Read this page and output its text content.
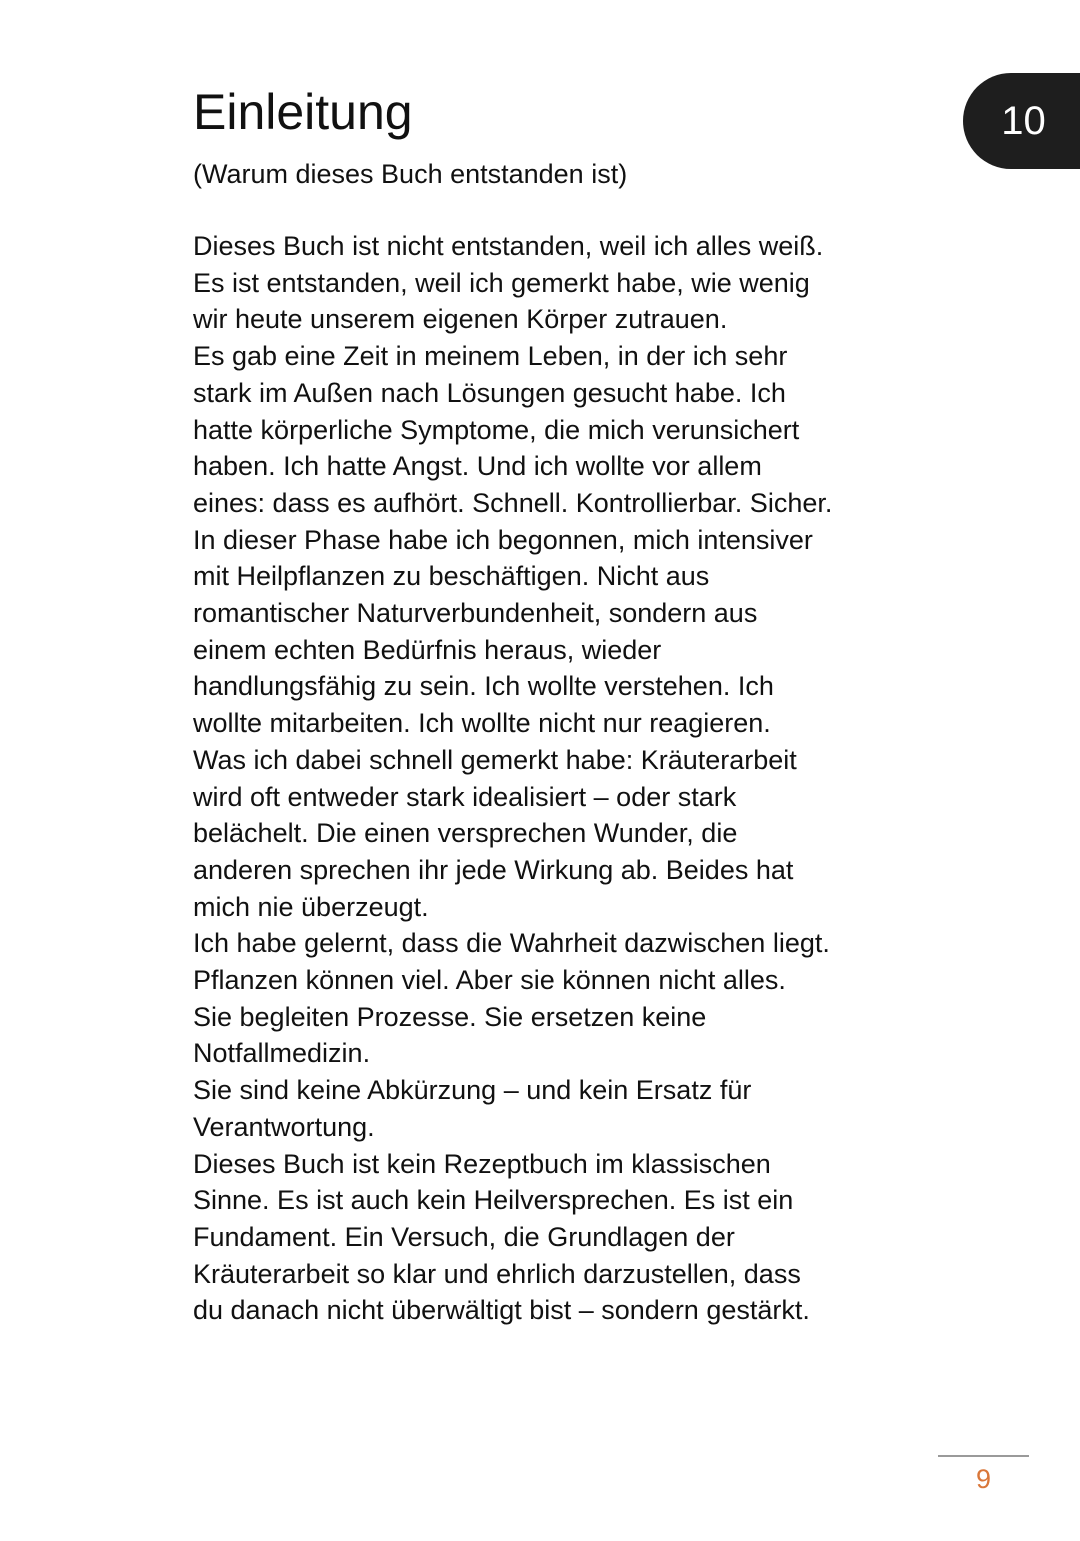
10
Einleitung

(Warum dieses Buch entstanden ist)

Dieses Buch ist nicht entstanden, weil ich alles weiß.
Es ist entstanden, weil ich gemerkt habe, wie wenig
wir heute unserem eigenen Körper zutrauen.
Es gab eine Zeit in meinem Leben, in der ich sehr
stark im Außen nach Lösungen gesucht habe. Ich
hatte körperliche Symptome, die mich verunsichert
haben. Ich hatte Angst. Und ich wollte vor allem
eines: dass es aufhört. Schnell. Kontrollierbar. Sicher.
In dieser Phase habe ich begonnen, mich intensiver
mit Heilpflanzen zu beschäftigen. Nicht aus
romantischer Naturverbundenheit, sondern aus
einem echten Bedürfnis heraus, wieder
handlungsfähig zu sein. Ich wollte verstehen. Ich
wollte mitarbeiten. Ich wollte nicht nur reagieren.
Was ich dabei schnell gemerkt habe: Kräuterarbeit
wird oft entweder stark idealisiert – oder stark
belächelt. Die einen versprechen Wunder, die
anderen sprechen ihr jede Wirkung ab. Beides hat
mich nie überzeugt.
Ich habe gelernt, dass die Wahrheit dazwischen liegt.
Pflanzen können viel. Aber sie können nicht alles.
Sie begleiten Prozesse. Sie ersetzen keine
Notfallmedizin.
Sie sind keine Abkürzung – und kein Ersatz für
Verantwortung.
Dieses Buch ist kein Rezeptbuch im klassischen
Sinne. Es ist auch kein Heilversprechen. Es ist ein
Fundament. Ein Versuch, die Grundlagen der
Kräuterarbeit so klar und ehrlich darzustellen, dass
du danach nicht überwältigt bist – sondern gestärkt.
9
